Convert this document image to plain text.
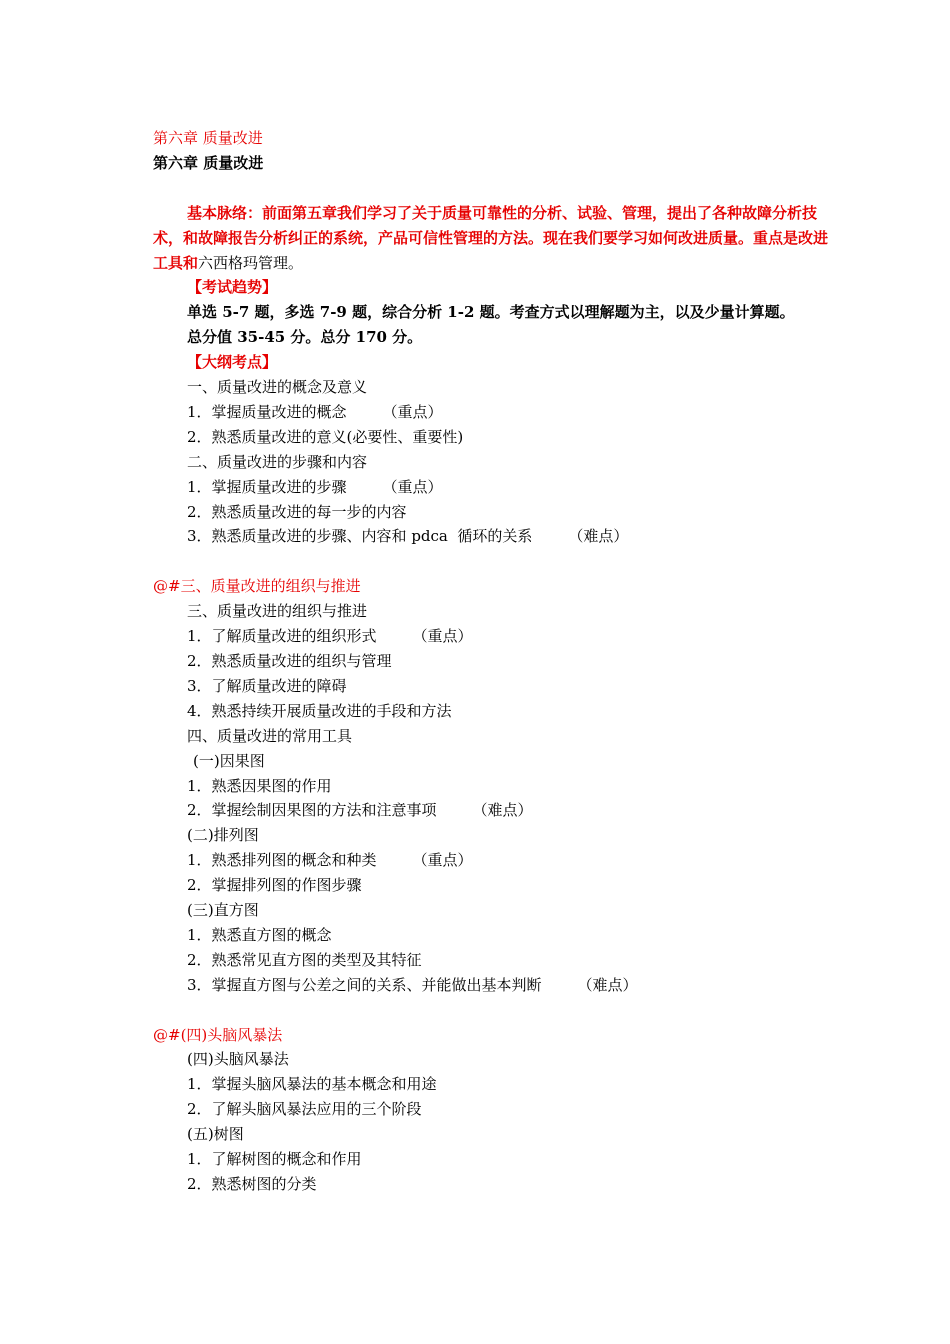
第六章 质量改进

第六章 质量改进

基本脉络：前面第五章我们学习了关于质量可靠性的分析、试验、管理，提出了各种故障分析技术，和故障报告分析纠正的系统，产品可信性管理的方法。现在我们要学习如何改进质量。重点是改进工具和六西格玛管理。

【考试趋势】

单选 5-7 题，多选 7-9 题，综合分析 1-2 题。考查方式以理解题为主，以及少量计算题。

总分值 35-45 分。总分 170 分。

【大纲考点】

一、质量改进的概念及意义

1．掌握质量改进的概念 （重点）

2．熟悉质量改进的意义(必要性、重要性)

二、质量改进的步骤和内容

1．掌握质量改进的步骤 （重点）

2．熟悉质量改进的每一步的内容

3．熟悉质量改进的步骤、内容和 pdca  循环的关系 （难点）

@#三、质量改进的组织与推进

三、质量改进的组织与推进

1．了解质量改进的组织形式 （重点）

2．熟悉质量改进的组织与管理

3．了解质量改进的障碍

4．熟悉持续开展质量改进的手段和方法

四、质量改进的常用工具

(一)因果图

1．熟悉因果图的作用

2．掌握绘制因果图的方法和注意事项 （难点）

(二)排列图

1．熟悉排列图的概念和种类 （重点）

2．掌握排列图的作图步骤

(三)直方图

1．熟悉直方图的概念

2．熟悉常见直方图的类型及其特征

3．掌握直方图与公差之间的关系、并能做出基本判断 （难点）

@#(四)头脑风暴法

(四)头脑风暴法

1．掌握头脑风暴法的基本概念和用途

2．了解头脑风暴法应用的三个阶段

(五)树图

1．了解树图的概念和作用

2．熟悉树图的分类
